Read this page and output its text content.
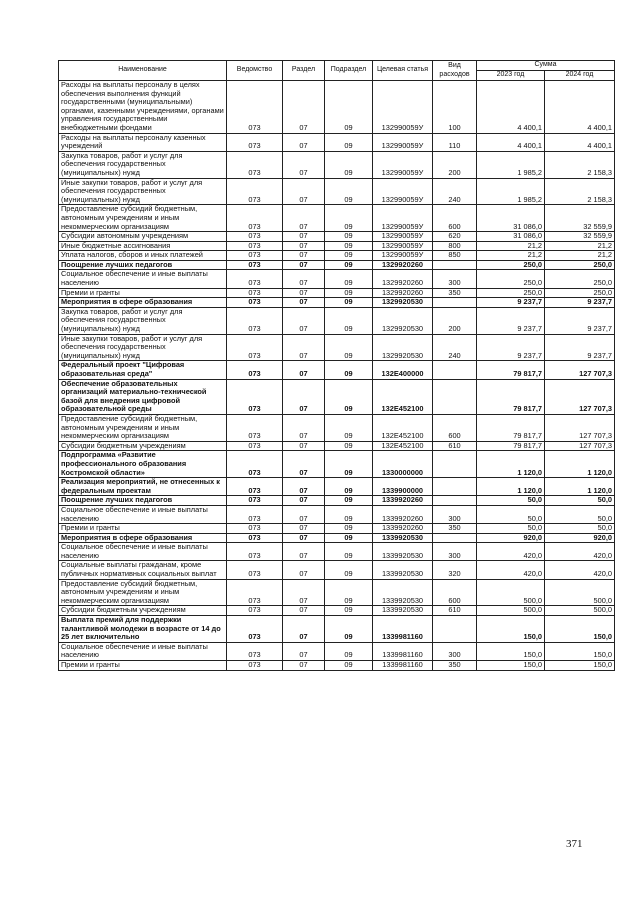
Наименование	Ведомство	Раздел	Подраздел	Целевая статья	Вид расходов	Сумма	
						2023 год	2024 год
Расходы на выплаты персоналу в целях обеспечения выполнения функций государственными (муниципальными) органами, казенными учреждениями, органами управления государственными внебюджетными фондами	073	07	09	132990059У	100	4 400,1	4 400,1
Расходы на выплаты персоналу казенных учреждений	073	07	09	132990059У	110	4 400,1	4 400,1
Закупка товаров, работ и услуг для обеспечения государственных (муниципальных) нужд	073	07	09	132990059У	200	1 985,2	2 158,3
Иные закупки товаров, работ и услуг для обеспечения государственных (муниципальных) нужд	073	07	09	132990059У	240	1 985,2	2 158,3
Предоставление субсидий бюджетным, автономным учреждениям и иным некоммерческим организациям	073	07	09	132990059У	600	31 086,0	32 559,9
Субсидии автономным учреждениям	073	07	09	132990059У	620	31 086,0	32 559,9
Иные бюджетные ассигнования	073	07	09	132990059У	800	21,2	21,2
Уплата налогов, сборов и иных платежей	073	07	09	132990059У	850	21,2	21,2
Поощрение лучших педагогов	073	07	09	1329920260		250,0	250,0
Социальное обеспечение и иные выплаты населению	073	07	09	1329920260	300	250,0	250,0
Премии и гранты	073	07	09	1329920260	350	250,0	250,0
Мероприятия в сфере образования	073	07	09	1329920530		9 237,7	9 237,7
Закупка товаров, работ и услуг для обеспечения государственных (муниципальных) нужд	073	07	09	1329920530	200	9 237,7	9 237,7
Иные закупки товаров, работ и услуг для обеспечения государственных (муниципальных) нужд	073	07	09	1329920530	240	9 237,7	9 237,7
Федеральный проект "Цифровая образовательная среда"	073	07	09	132E400000		79 817,7	127 707,3
Обеспечение образовательных организаций материально-технической базой для внедрения цифровой образовательной среды	073	07	09	132E452100		79 817,7	127 707,3
Предоставление субсидий бюджетным, автономным учреждениям и иным некоммерческим организациям	073	07	09	132E452100	600	79 817,7	127 707,3
Субсидии бюджетным учреждениям	073	07	09	132E452100	610	79 817,7	127 707,3
Подпрограмма «Развитие профессионального образования Костромской области»	073	07	09	1330000000		1 120,0	1 120,0
Реализация мероприятий, не отнесенных к федеральным проектам	073	07	09	1339900000		1 120,0	1 120,0
Поощрение лучших педагогов	073	07	09	1339920260		50,0	50,0
Социальное обеспечение и иные выплаты населению	073	07	09	1339920260	300	50,0	50,0
Премии и гранты	073	07	09	1339920260	350	50,0	50,0
Мероприятия в сфере образования	073	07	09	1339920530		920,0	920,0
Социальное обеспечение и иные выплаты населению	073	07	09	1339920530	300	420,0	420,0
Социальные выплаты гражданам, кроме публичных нормативных социальных выплат	073	07	09	1339920530	320	420,0	420,0
Предоставление субсидий бюджетным, автономным учреждениям и иным некоммерческим организациям	073	07	09	1339920530	600	500,0	500,0
Субсидии бюджетным учреждениям	073	07	09	1339920530	610	500,0	500,0
Выплата премий для поддержки талантливой молодежи в возрасте от 14 до 25 лет включительно	073	07	09	1339981160		150,0	150,0
Социальное обеспечение и иные выплаты населению	073	07	09	1339981160	300	150,0	150,0
Премии и гранты	073	07	09	1339981160	350	150,0	150,0
371
